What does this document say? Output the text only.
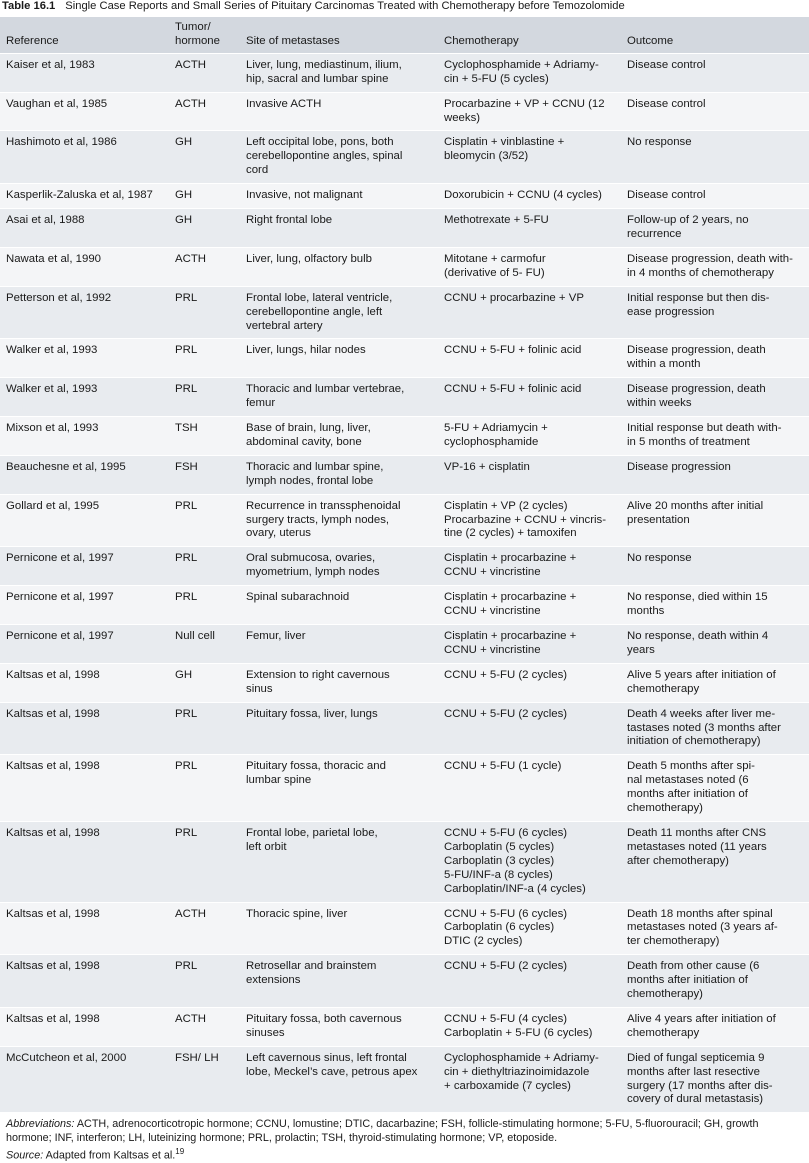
Table 16.1 Single Case Reports and Small Series of Pituitary Carcinomas Treated with Chemotherapy before Temozolomide
Reference	Tumor/
hormone	Site of metastases	Chemotherapy	Outcome
Kaiser et al, 1983	ACTH	Liver, lung, mediastinum, ilium,
hip, sacral and lumbar spine	Cyclophosphamide + Adriamy-
cin + 5-FU (5 cycles)	Disease control

Vaughan et al, 1985	ACTH	Invasive ACTH	Procarbazine + VP + CCNU (12
weeks)	Disease control

Hashimoto et al, 1986	GH	Left occipital lobe, pons, both
cerebellopontine angles, spinal
cord	Cisplatin + vinblastine +
bleomycin (3/52)	No response

Kasperlik-Zaluska et al, 1987	GH	Invasive, not malignant	Doxorubicin + CCNU (4 cycles)	Disease control

Asai et al, 1988	GH	Right frontal lobe	Methotrexate + 5-FU	Follow-up of 2 years, no
recurrence

Nawata et al, 1990	ACTH	Liver, lung, olfactory bulb	Mitotane + carmofur
(derivative of 5- FU)	Disease progression, death with-
in 4 months of chemotherapy

Petterson et al, 1992	PRL	Frontal lobe, lateral ventricle,
cerebellopontine angle, left
vertebral artery	CCNU + procarbazine + VP	Initial response but then dis-
ease progression

Walker et al, 1993	PRL	Liver, lungs, hilar nodes	CCNU + 5-FU + folinic acid	Disease progression, death
within a month

Walker et al, 1993	PRL	Thoracic and lumbar vertebrae,
femur	CCNU + 5-FU + folinic acid	Disease progression, death
within weeks

Mixson et al, 1993	TSH	Base of brain, lung, liver,
abdominal cavity, bone	5-FU + Adriamycin +
cyclophosphamide	Initial response but death with-
in 5 months of treatment

Beauchesne et al, 1995	FSH	Thoracic and lumbar spine,
lymph nodes, frontal lobe	VP-16 + cisplatin	Disease progression

Gollard et al, 1995	PRL	Recurrence in transsphenoidal
surgery tracts, lymph nodes,
ovary, uterus	Cisplatin + VP (2 cycles)
Procarbazine + CCNU + vincris-
tine (2 cycles) + tamoxifen	Alive 20 months after initial
presentation

Pernicone et al, 1997	PRL	Oral submucosa, ovaries,
myometrium, lymph nodes	Cisplatin + procarbazine +
CCNU + vincristine	No response

Pernicone et al, 1997	PRL	Spinal subarachnoid	Cisplatin + procarbazine +
CCNU + vincristine	No response, died within 15
months

Pernicone et al, 1997	Null cell	Femur, liver	Cisplatin + procarbazine +
CCNU + vincristine	No response, death within 4
years

Kaltsas et al, 1998	GH	Extension to right cavernous
sinus	CCNU + 5-FU (2 cycles)	Alive 5 years after initiation of
chemotherapy

Kaltsas et al, 1998	PRL	Pituitary fossa, liver, lungs	CCNU + 5-FU (2 cycles)	Death 4 weeks after liver me-
tastases noted (3 months after
initiation of chemotherapy)

Kaltsas et al, 1998	PRL	Pituitary fossa, thoracic and
lumbar spine	CCNU + 5-FU (1 cycle)	Death 5 months after spi-
nal metastases noted (6
months after initiation of
chemotherapy)

Kaltsas et al, 1998	PRL	Frontal lobe, parietal lobe,
left orbit	CCNU + 5-FU (6 cycles)
Carboplatin (5 cycles)
Carboplatin (3 cycles)
5-FU/INF-a (8 cycles)
Carboplatin/INF-a (4 cycles)	Death 11 months after CNS
metastases noted (11 years
after chemotherapy)

Kaltsas et al, 1998	ACTH	Thoracic spine, liver	CCNU + 5-FU (6 cycles)
Carboplatin (6 cycles)
DTIC (2 cycles)	Death 18 months after spinal
metastases noted (3 years af-
ter chemotherapy)

Kaltsas et al, 1998	PRL	Retrosellar and brainstem
extensions	CCNU + 5-FU (2 cycles)	Death from other cause (6
months after initiation of
chemotherapy)

Kaltsas et al, 1998	ACTH	Pituitary fossa, both cavernous
sinuses	CCNU + 5-FU (4 cycles)
Carboplatin + 5-FU (6 cycles)	Alive 4 years after initiation of
chemotherapy

McCutcheon et al, 2000	FSH/ LH	Left cavernous sinus, left frontal
lobe, Meckel’s cave, petrous apex	Cyclophosphamide + Adriamy-
cin + diethyltriazinoimidazole
+ carboxamide (7 cycles)	Died of fungal septicemia 9
months after last resective
surgery (17 months after dis-
covery of dural metastasis)
Abbreviations: ACTH, adrenocorticotropic hormone; CCNU, lomustine; DTIC, dacarbazine; FSH, follicle-stimulating hormone; 5-FU, 5-fluorouracil; GH, growth hormone; INF, interferon; LH, luteinizing hormone; PRL, prolactin; TSH, thyroid-stimulating hormone; VP, etoposide.
Source: Adapted from Kaltsas et al.$^{19}$
